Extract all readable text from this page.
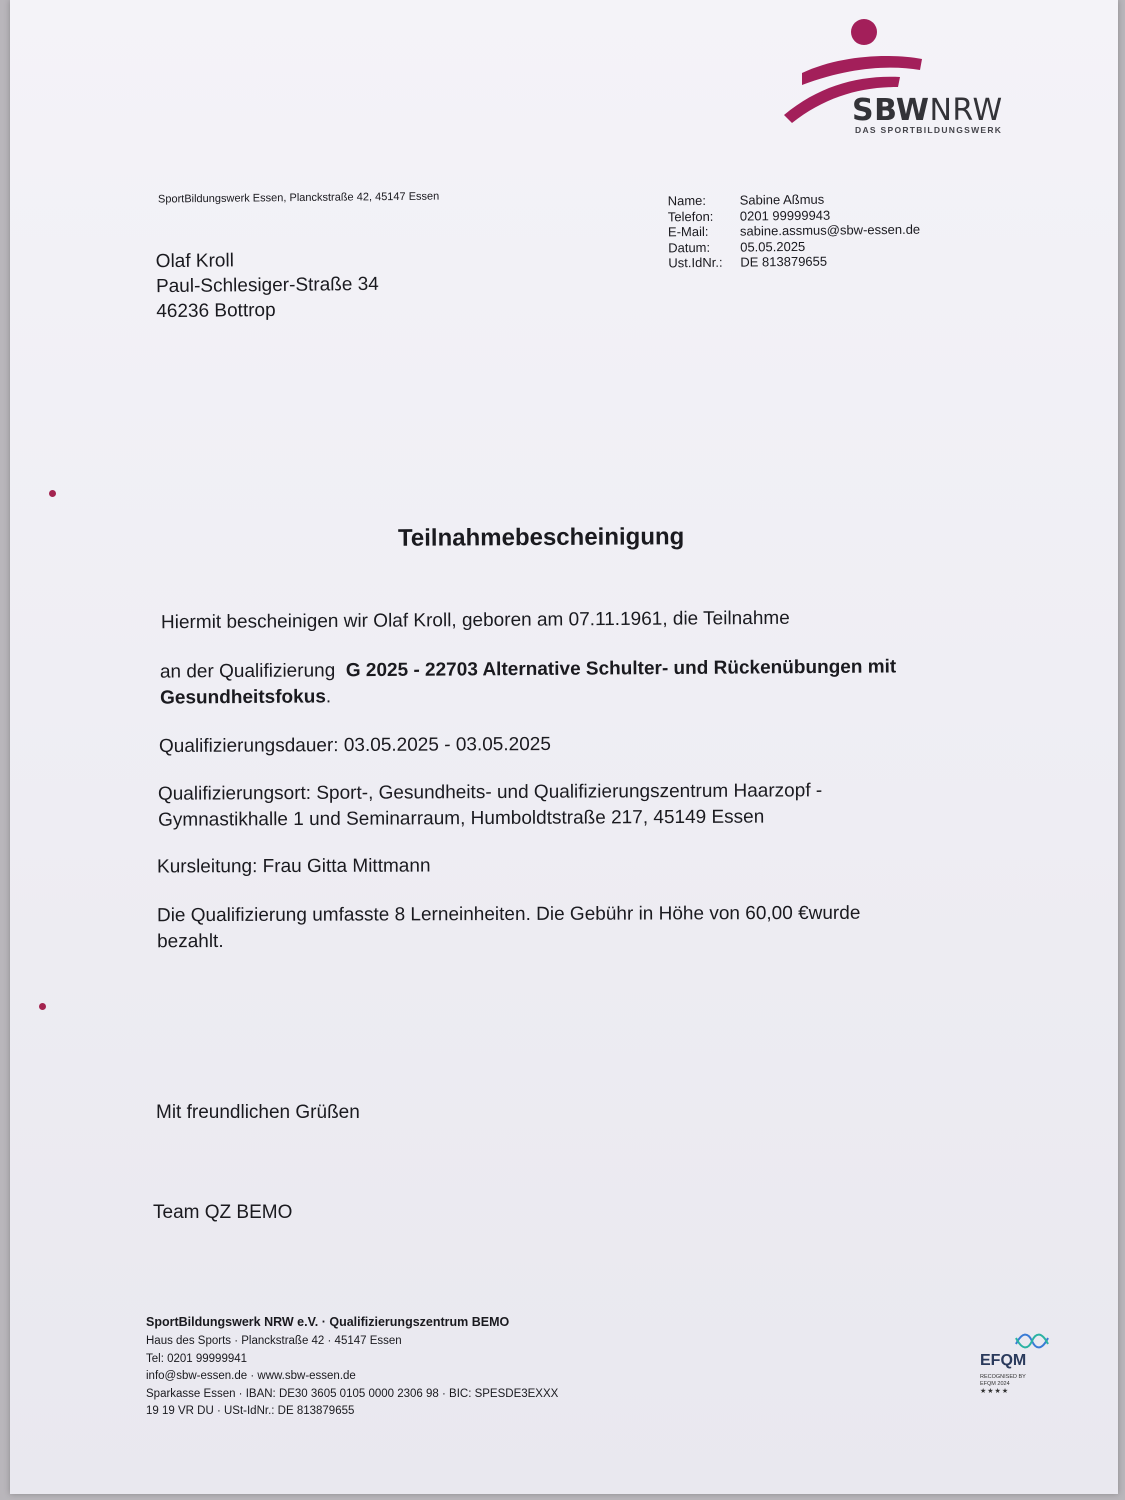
SBWNRW
DAS SPORTBILDUNGSWERK
SportBildungswerk Essen, Planckstraße 42, 45147 Essen
Olaf Kroll
Paul-Schlesiger-Straße 34
46236 Bottrop
Name:	Sabine Aßmus
Telefon:	0201 99999943
E-Mail:	sabine.assmus@sbw-essen.de
Datum:	05.05.2025
Ust.IdNr.:	DE 813879655
Teilnahmebescheinigung
Hiermit bescheinigen wir Olaf Kroll, geboren am 07.11.1961, die Teilnahme
an der Qualifizierung G 2025 - 22703 Alternative Schulter- und Rückenübungen mit
Gesundheitsfokus.
Qualifizierungsdauer: 03.05.2025 - 03.05.2025
Qualifizierungsort: Sport-, Gesundheits- und Qualifizierungszentrum Haarzopf -
Gymnastikhalle 1 und Seminarraum, Humboldtstraße 217, 45149 Essen
Kursleitung: Frau Gitta Mittmann
Die Qualifizierung umfasste 8 Lerneinheiten. Die Gebühr in Höhe von 60,00 €wurde
bezahlt.
Mit freundlichen Grüßen
Team QZ BEMO
SportBildungswerk NRW e.V. · Qualifizierungszentrum BEMO
Haus des Sports · Planckstraße 42 · 45147 Essen
Tel: 0201 99999941
info@sbw-essen.de · www.sbw-essen.de
Sparkasse Essen · IBAN: DE30 3605 0105 0000 2306 98 · BIC: SPESDE3EXXX
19 19 VR DU · USt-IdNr.: DE 813879655
EFQM
RECOGNISED BY
EFQM 2024
★★★★
